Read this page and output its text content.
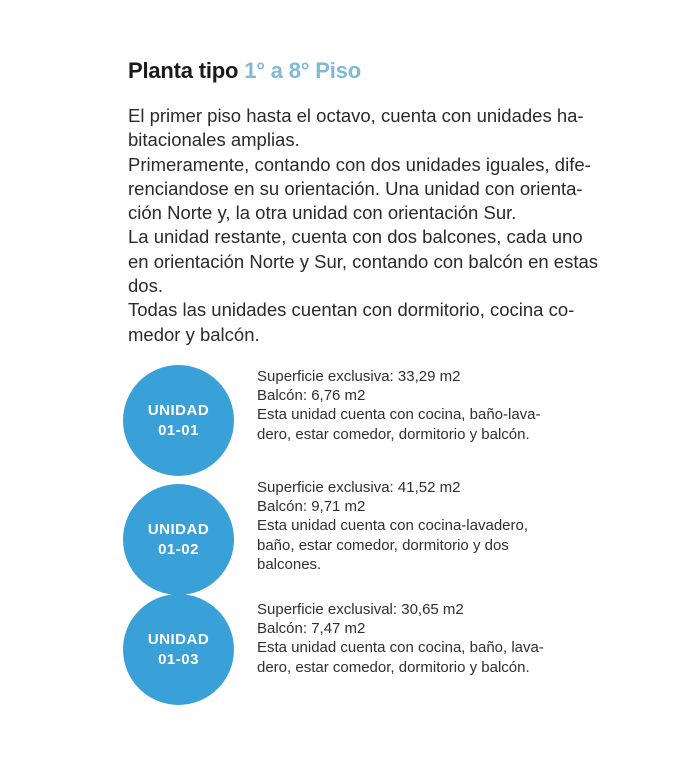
Planta tipo 1° a 8° Piso

El primer piso hasta el octavo, cuenta con unidades ha-

bitacionales amplias.

Primeramente, contando con dos unidades iguales, dife-

renciandose en su orientación. Una unidad con orienta-

ción Norte y, la otra unidad con orientación Sur.

La unidad restante, cuenta con dos balcones, cada uno

en orientación Norte y Sur, contando con balcón en estas

dos.

Todas las unidades cuentan con dormitorio, cocina co-

medor y balcón.

UNIDAD
01-01
Superficie exclusiva: 33,29 m2
Balcón: 6,76 m2
Esta unidad cuenta con cocina, baño-lava-
dero, estar comedor, dormitorio y balcón.
UNIDAD
01-02
Superficie exclusiva: 41,52 m2
Balcón: 9,71 m2
Esta unidad cuenta con cocina-lavadero,
baño, estar comedor, dormitorio y dos
balcones.
UNIDAD
01-03
Superficie exclusival: 30,65 m2
Balcón: 7,47 m2
Esta unidad cuenta con cocina, baño, lava-
dero, estar comedor, dormitorio y balcón.
